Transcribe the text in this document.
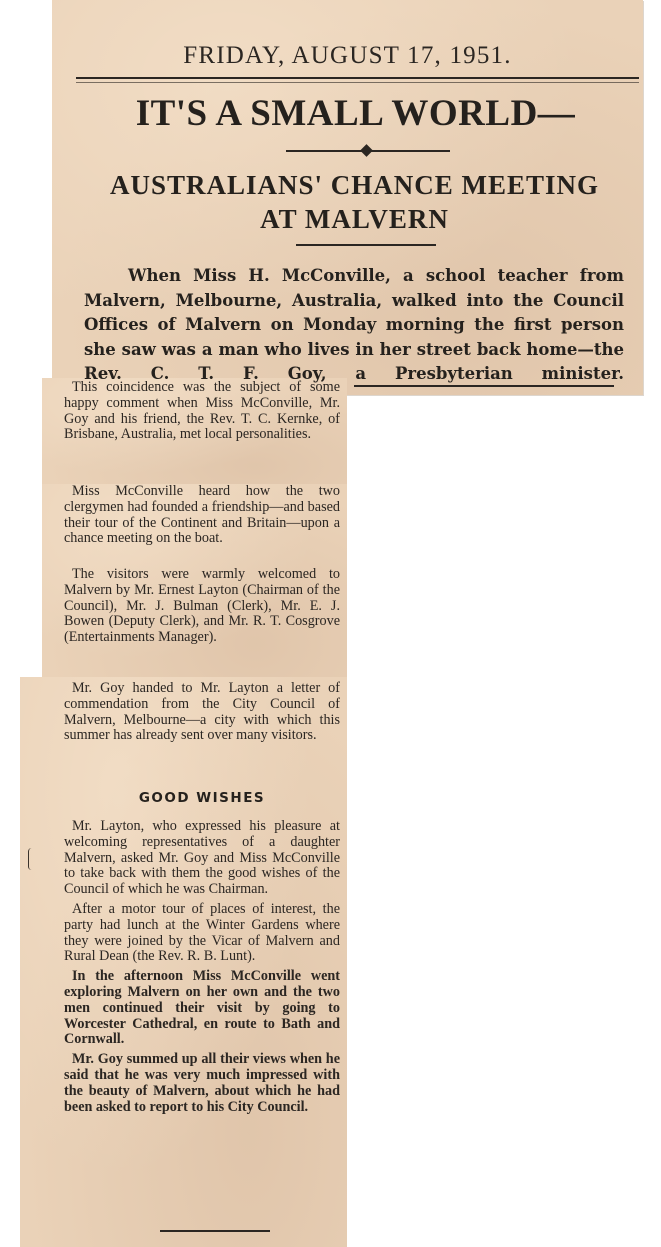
FRIDAY, AUGUST 17, 1951.
IT'S A SMALL WORLD—
AUSTRALIANS' CHANCE MEETING
AT MALVERN
When Miss H. McConville, a school teacher from Malvern, Melbourne, Australia, walked into the Council Offices of Malvern on Monday morning the first person she saw was a man who lives in her street back home—the Rev. C. T. F. Goy, a Presbyterian minister.

This coincidence was the subject of some happy comment when Miss McConville, Mr. Goy and his friend, the Rev. T. C. Kernke, of Brisbane, Australia, met local personalities.

Miss McConville heard how the two clergymen had founded a friendship—and based their tour of the Continent and Britain—upon a chance meeting on the boat.

The visitors were warmly welcomed to Malvern by Mr. Ernest Layton (Chairman of the Council), Mr. J. Bulman (Clerk), Mr. E. J. Bowen (Deputy Clerk), and Mr. R. T. Cosgrove (Entertainments Manager).

Mr. Goy handed to Mr. Layton a letter of commendation from the City Council of Malvern, Melbourne—a city with which this summer has already sent over many visitors.

GOOD WISHES

Mr. Layton, who expressed his pleasure at welcoming representatives of a daughter Malvern, asked Mr. Goy and Miss McConville to take back with them the good wishes of the Council of which he was Chairman.

After a motor tour of places of interest, the party had lunch at the Winter Gardens where they were joined by the Vicar of Malvern and Rural Dean (the Rev. R. B. Lunt).

In the afternoon Miss McConville went exploring Malvern on her own and the two men continued their visit by going to Worcester Cathedral, en route to Bath and Cornwall.

Mr. Goy summed up all their views when he said that he was very much impressed with the beauty of Malvern, about which he had been asked to report to his City Council.
